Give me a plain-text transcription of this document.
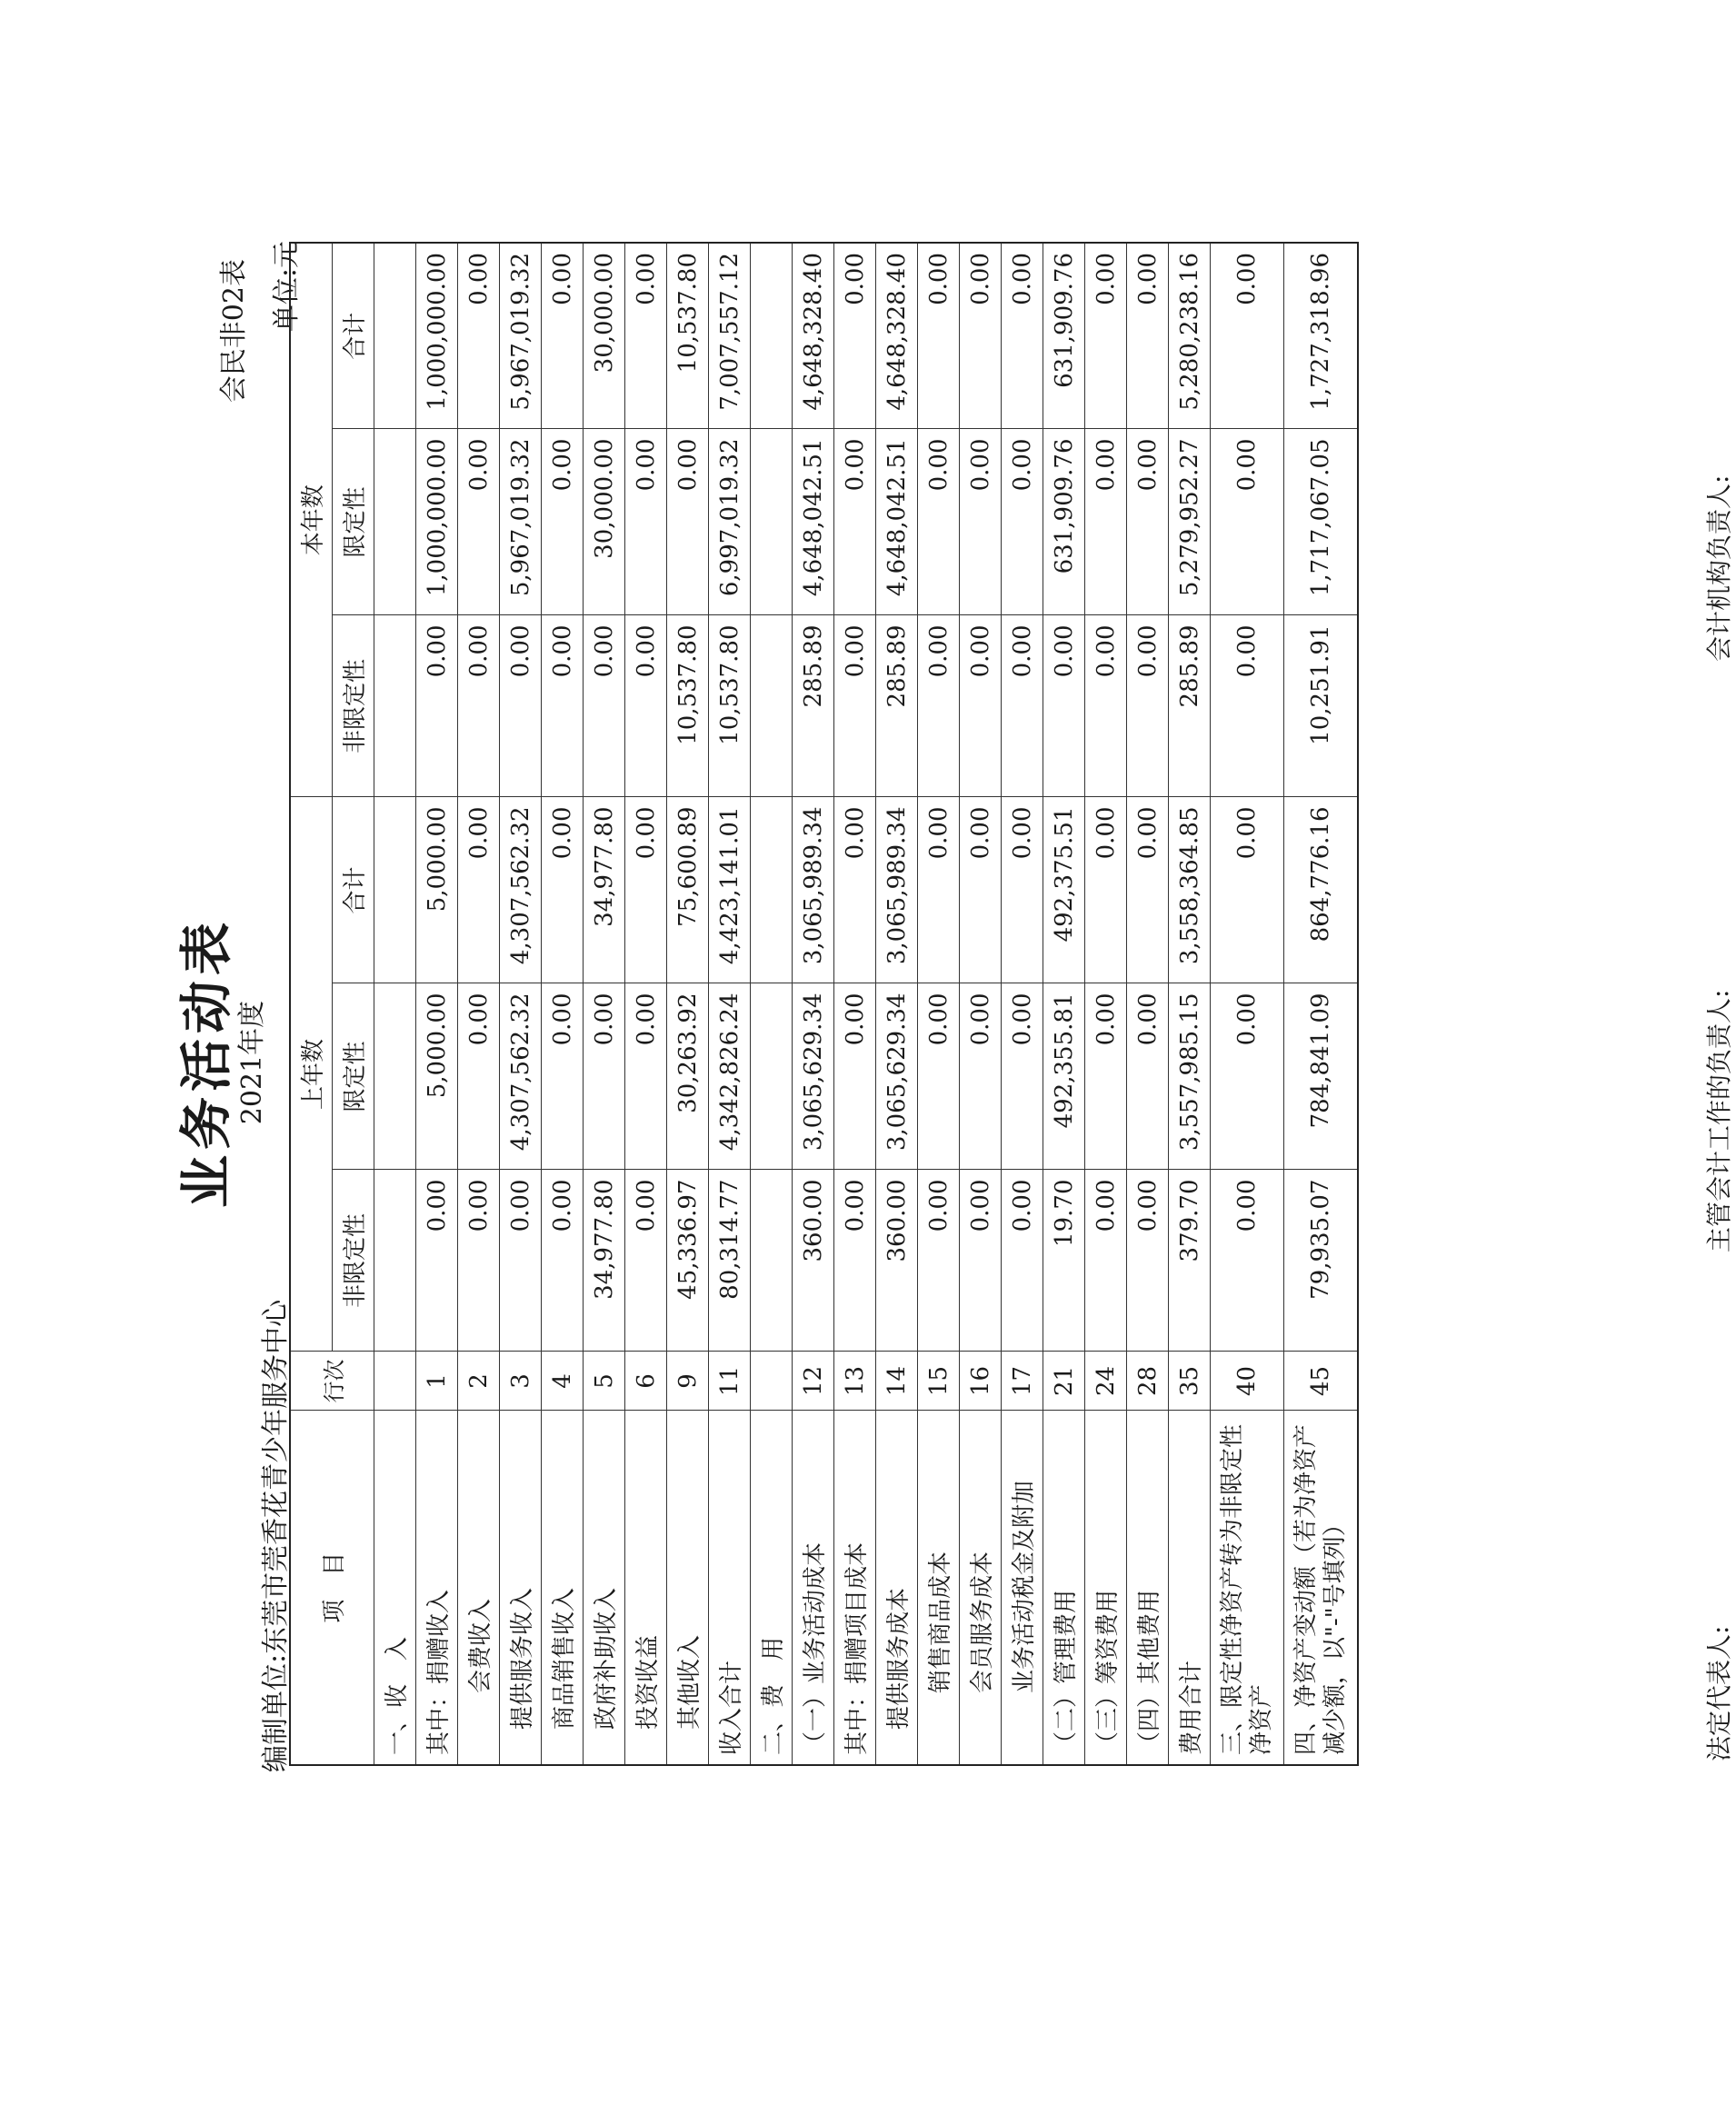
业务活动表 2021年度
会民非02表 单位:元
编制单位:东莞市莞香花青少年服务中心 项　目	行次	上年数			本年数		
		非限定性	限定性	合计	非限定性	限定性	合计
一、收　入							
其中：捐赠收入	1	0.00	5,000.00	5,000.00	0.00	1,000,000.00	1,000,000.00
会费收入	2	0.00	0.00	0.00	0.00	0.00	0.00
提供服务收入	3	0.00	4,307,562.32	4,307,562.32	0.00	5,967,019.32	5,967,019.32
商品销售收入	4	0.00	0.00	0.00	0.00	0.00	0.00
政府补助收入	5	34,977.80	0.00	34,977.80	0.00	30,000.00	30,000.00
投资收益	6	0.00	0.00	0.00	0.00	0.00	0.00
其他收入	9	45,336.97	30,263.92	75,600.89	10,537.80	0.00	10,537.80
收入合计	11	80,314.77	4,342,826.24	4,423,141.01	10,537.80	6,997,019.32	7,007,557.12
二、费　用							
（一）业务活动成本	12	360.00	3,065,629.34	3,065,989.34	285.89	4,648,042.51	4,648,328.40
其中：捐赠项目成本	13	0.00	0.00	0.00	0.00	0.00	0.00
提供服务成本	14	360.00	3,065,629.34	3,065,989.34	285.89	4,648,042.51	4,648,328.40
销售商品成本	15	0.00	0.00	0.00	0.00	0.00	0.00
会员服务成本	16	0.00	0.00	0.00	0.00	0.00	0.00
业务活动税金及附加	17	0.00	0.00	0.00	0.00	0.00	0.00
（二）管理费用	21	19.70	492,355.81	492,375.51	0.00	631,909.76	631,909.76
（三）筹资费用	24	0.00	0.00	0.00	0.00	0.00	0.00
（四）其他费用	28	0.00	0.00	0.00	0.00	0.00	0.00
费用合计	35	379.70	3,557,985.15	3,558,364.85	285.89	5,279,952.27	5,280,238.16
三、限定性净资产转为非限定性净资产	40	0.00	0.00	0.00	0.00	0.00	0.00
四、净资产变动额（若为净资产减少额，以"-"号填列）	45	79,935.07	784,841.09	864,776.16	10,251.91	1,717,067.05	1,727,318.96
法定代表人:
主管会计工作的负责人:
会计机构负责人:
